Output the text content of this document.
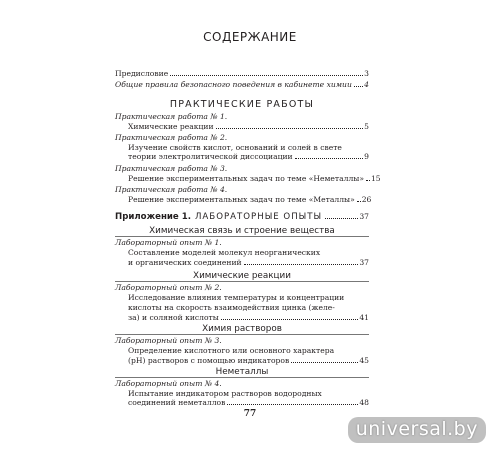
СОДЕРЖАНИЕ
Предисловие	3
Общие правила безопасного поведения в кабинете химии 4
ПРАКТИЧЕСКИЕ РАБОТЫ
Практическая работа № 1.
Химические реакции	5
Практическая работа № 2.
Изучение свойств кислот, оснований и солей в свете
теории электролитической диссоциации	9
Практическая работа № 3.
Решение экспериментальных задач по теме «Неметаллы» 15
Практическая работа № 4.
Решение экспериментальных задач по теме «Металлы» 26
Приложение 1. ЛАБОРАТОРНЫЕ ОПЫТЫ	37
Химическая связь и строение вещества
Лабораторный опыт № 1.
Составление моделей молекул неорганических
и органических соединений	37
Химические реакции
Лабораторный опыт № 2.
Исследование влияния температуры и концентрации
кислоты на скорость взаимодействия цинка (желе-
за) и соляной кислоты	41
Химия растворов
Лабораторный опыт № 3.
Определение кислотного или основного характера
(pH) растворов с помощью индикаторов	45
Неметаллы
Лабораторный опыт № 4.
Испытание индикатором растворов водородных
соединений неметаллов	48
77
universal.by
